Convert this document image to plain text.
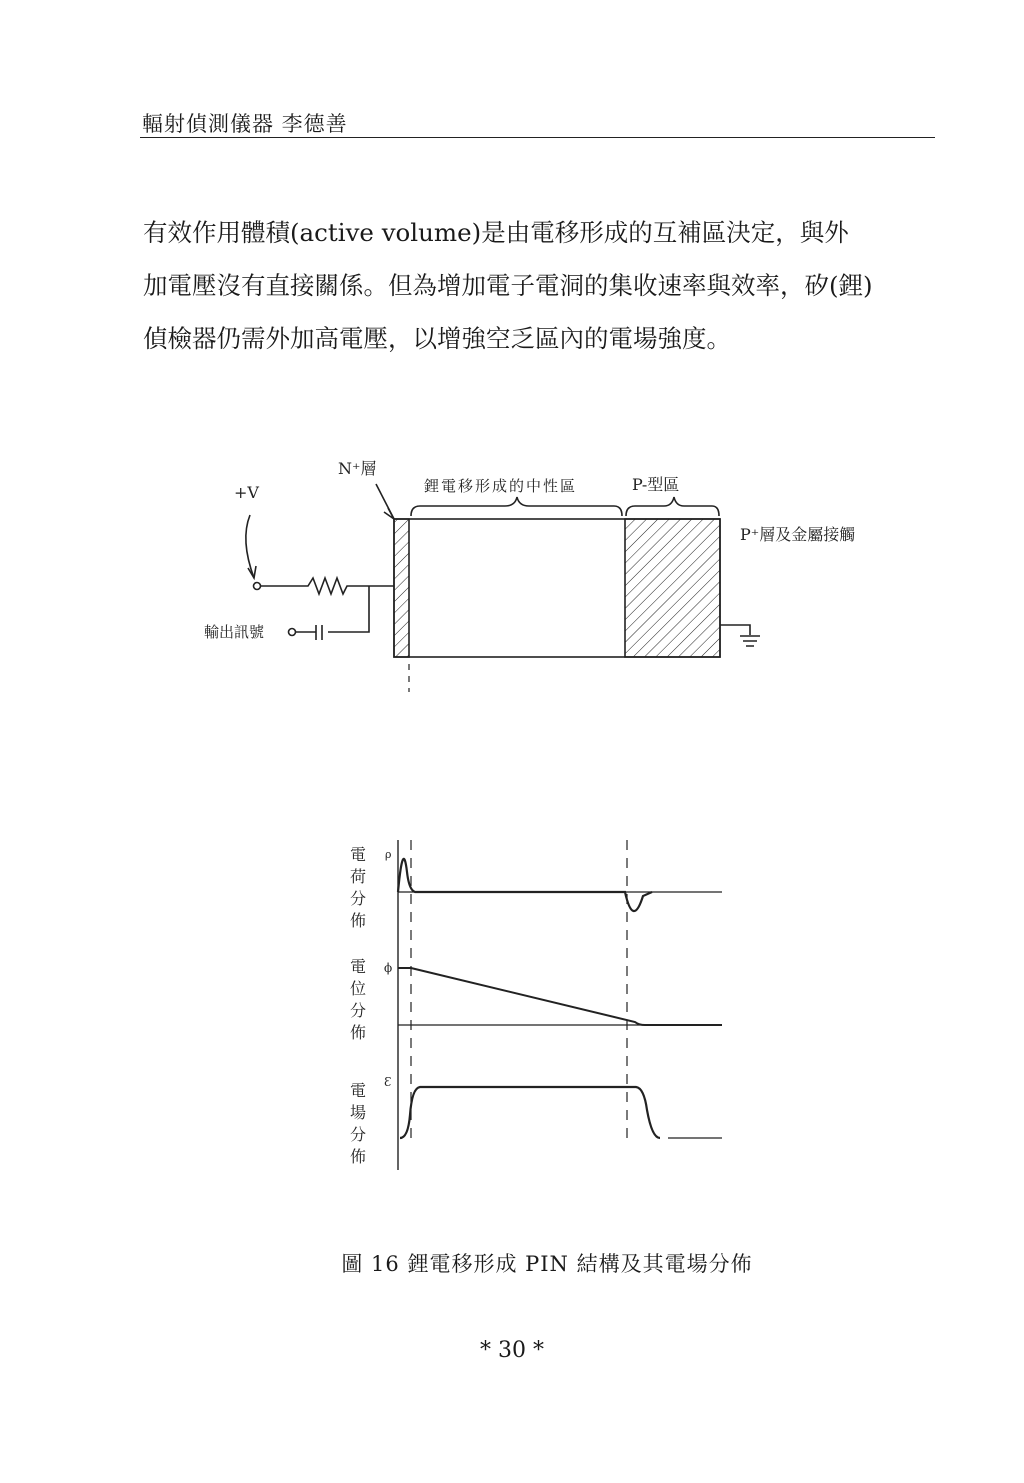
輻射偵測儀器 李德善

有效作用體積(active volume)是由電移形成的互補區決定，與外
加電壓沒有直接關係。但為增加電子電洞的集收速率與效率，矽(鋰)
偵檢器仍需外加高電壓，以增強空乏區內的電場強度。

N⁺層
+V
輸出訊號
鋰電移形成的中性區	P-型區
P⁺層及金屬接觸
ρ
ϕ
Ɛ
電荷分佈
電位分佈
電場分佈
圖 16 鋰電移形成 PIN 結構及其電場分佈
* 30 *
